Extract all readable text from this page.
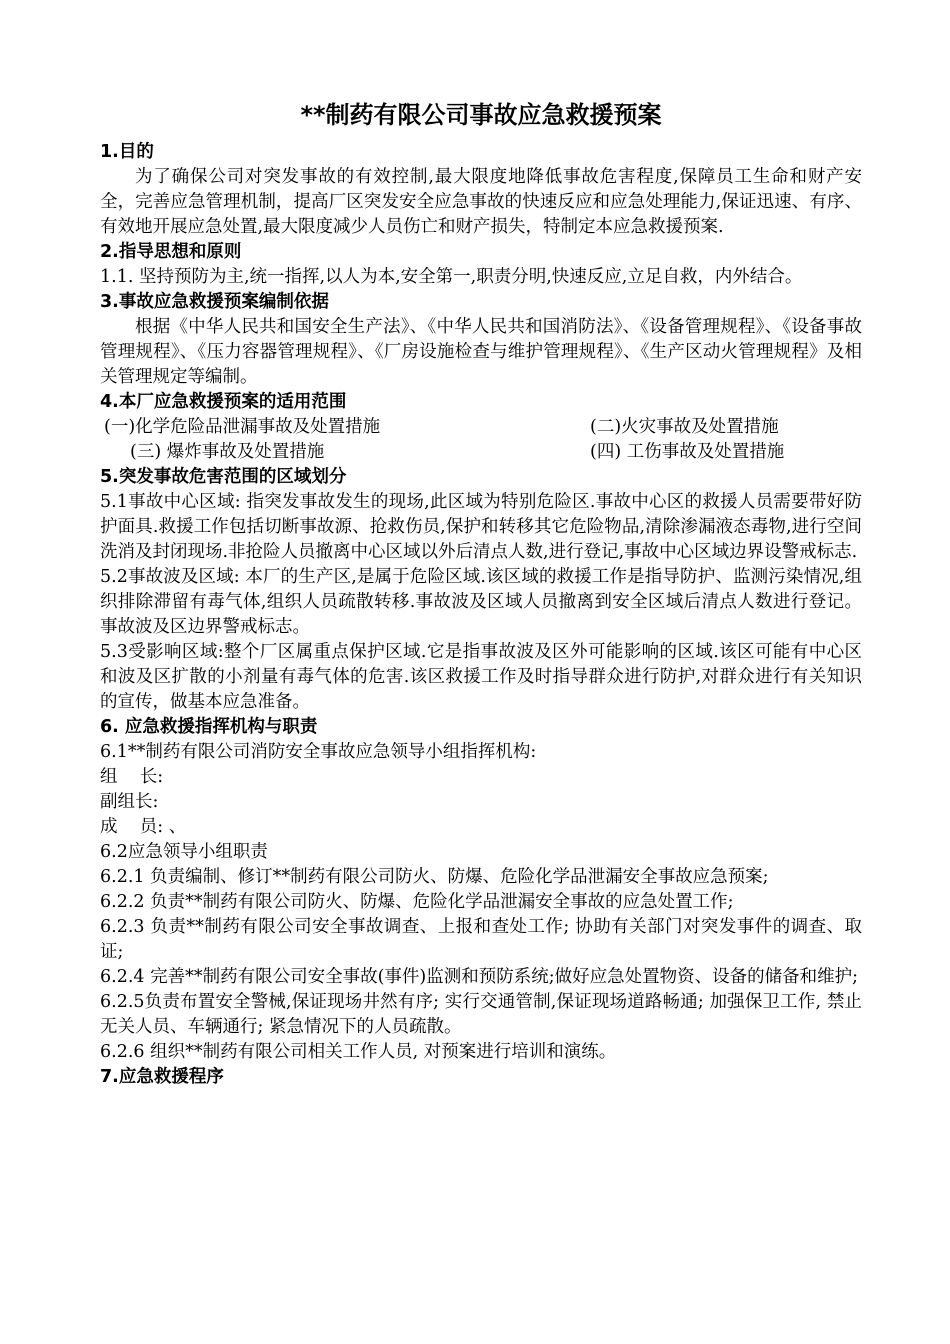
**制药有限公司事故应急救援预案
1.目的

为了确保公司对突发事故的有效控制,最大限度地降低事故危害程度,保障员工生命和财产安全，完善应急管理机制，提高厂区突发安全应急事故的快速反应和应急处理能力,保证迅速、有序、有效地开展应急处置,最大限度减少人员伤亡和财产损失，特制定本应急救援预案.

2.指导思想和原则

1.1. 坚持预防为主,统一指挥,以人为本,安全第一,职责分明,快速反应,立足自救，内外结合。

3.事故应急救援预案编制依据

根据《中华人民共和国安全生产法》、《中华人民共和国消防法》、《设备管理规程》、《设备事故管理规程》、《压力容器管理规程》、《厂房设施检查与维护管理规程》、《生产区动火管理规程》及相关管理规定等编制。

4.本厂应急救援预案的适用范围
(一)化学危险品泄漏事故及处置措施	(二)火灾事故及处置措施
(三) 爆炸事故及处置措施	(四) 工伤事故及处置措施
5.突发事故危害范围的区域划分

5.1事故中心区域: 指突发事故发生的现场,此区域为特别危险区.事故中心区的救援人员需要带好防护面具.救援工作包括切断事故源、抢救伤员,保护和转移其它危险物品,清除渗漏液态毒物,进行空间洗消及封闭现场.非抢险人员撤离中心区域以外后清点人数,进行登记,事故中心区域边界设警戒标志.

5.2事故波及区域: 本厂的生产区,是属于危险区域.该区域的救援工作是指导防护、监测污染情况,组织排除滞留有毒气体,组织人员疏散转移.事故波及区域人员撤离到安全区域后清点人数进行登记。事故波及区边界警戒标志。

5.3受影响区域:整个厂区属重点保护区域.它是指事故波及区外可能影响的区域.该区可能有中心区和波及区扩散的小剂量有毒气体的危害.该区救援工作及时指导群众进行防护,对群众进行有关知识的宣传，做基本应急准备。

6. 应急救援指挥机构与职责

6.1**制药有限公司消防安全事故应急领导小组指挥机构:

组    长:

副组长:

成    员: 、

6.2应急领导小组职责

6.2.1 负责编制、修订**制药有限公司防火、防爆、危险化学品泄漏安全事故应急预案;

6.2.2 负责**制药有限公司防火、防爆、危险化学品泄漏安全事故的应急处置工作;

6.2.3 负责**制药有限公司安全事故调查、上报和查处工作; 协助有关部门对突发事件的调查、取证;

6.2.4 完善**制药有限公司安全事故(事件)监测和预防系统;做好应急处置物资、设备的储备和维护;

6.2.5负责布置安全警械,保证现场井然有序; 实行交通管制,保证现场道路畅通; 加强保卫工作, 禁止无关人员、车辆通行; 紧急情况下的人员疏散。

6.2.6 组织**制药有限公司相关工作人员, 对预案进行培训和演练。

7.应急救援程序
